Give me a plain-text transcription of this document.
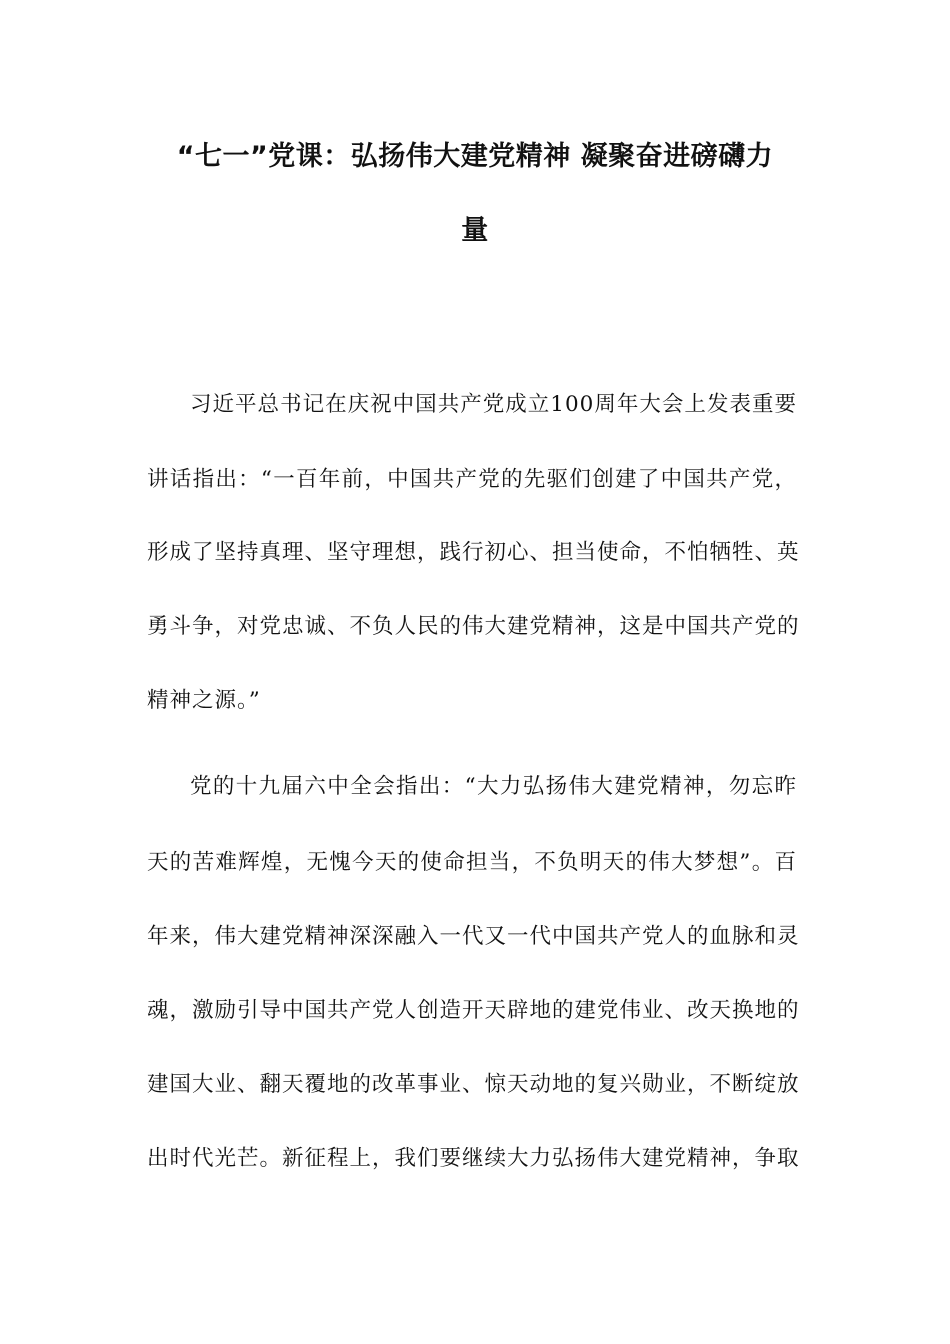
“七一”党课：弘扬伟大建党精神 凝聚奋进磅礴力
量
习近平总书记在庆祝中国共产党成立100周年大会上发表重要
讲话指出：“一百年前，中国共产党的先驱们创建了中国共产党，
形成了坚持真理、坚守理想，践行初心、担当使命，不怕牺牲、英
勇斗争，对党忠诚、不负人民的伟大建党精神，这是中国共产党的
精神之源。”
党的十九届六中全会指出：“大力弘扬伟大建党精神，勿忘昨
天的苦难辉煌，无愧今天的使命担当，不负明天的伟大梦想”。百
年来，伟大建党精神深深融入一代又一代中国共产党人的血脉和灵
魂，激励引导中国共产党人创造开天辟地的建党伟业、改天换地的
建国大业、翻天覆地的改革事业、惊天动地的复兴勋业，不断绽放
出时代光芒。新征程上，我们要继续大力弘扬伟大建党精神，争取
